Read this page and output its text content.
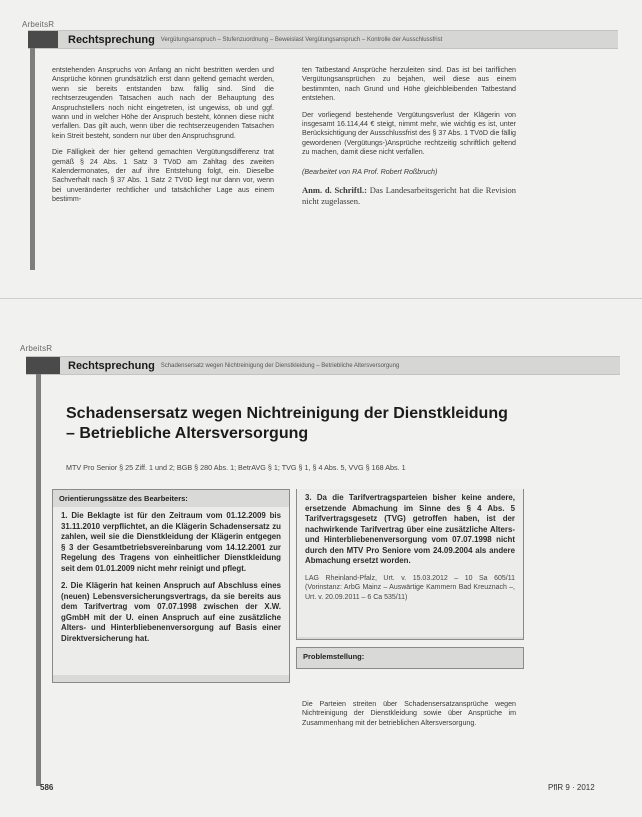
ArbeitsR
Rechtsprechung Vergütungsanspruch – Stufenzuordnung – Beweislast Vergütungsanspruch – Kontrolle der Ausschlussfrist

entstehenden Anspruchs von Anfang an nicht bestritten werden und Ansprüche können grundsätzlich erst dann geltend gemacht werden, wenn sie bereits entstanden bzw. fällig sind. Sind die rechtserzeugenden Tatsachen auch nach der Behauptung des Anspruchstellers noch nicht eingetreten, ist ungewiss, ob und ggf. wann und in welcher Höhe der Anspruch besteht, können diese nicht verfallen. Das gilt auch, wenn über die rechtserzeugenden Tatsachen kein Streit besteht, sondern nur über den Anspruchsgrund.

Die Fälligkeit der hier geltend gemachten Vergütungsdifferenz trat gemäß § 24 Abs. 1 Satz 3 TVöD am Zahltag des zweiten Kalendermonates, der auf ihre Entstehung folgt, ein. Dieselbe Sachverhalt nach § 37 Abs. 1 Satz 2 TVöD liegt nur dann vor, wenn bei unveränderter rechtlicher und tatsächlicher Lage aus einem bestimm-

ten Tatbestand Ansprüche herzuleiten sind. Das ist bei tariflichen Vergütungsansprüchen zu bejahen, weil diese aus einem bestimmten, nach Grund und Höhe gleichbleibenden Tatbestand entstehen.

Der vorliegend bestehende Vergütungsverlust der Klägerin von insgesamt 16.114,44 € steigt, nimmt mehr, wie wichtig es ist, unter Berücksichtigung der Ausschlussfrist des § 37 Abs. 1 TVöD die fällig gewordenen (Vergütungs-)Ansprüche rechtzeitig schriftlich geltend zu machen, damit diese nicht verfallen.

(Bearbeitet von RA Prof. Robert Roßbruch)

Anm. d. Schriftl.: Das Landesarbeitsgericht hat die Revision nicht zugelassen.

ArbeitsR
Rechtsprechung Schadensersatz wegen Nichtreinigung der Dienstkleidung – Betriebliche Altersversorgung
Schadensersatz wegen Nichtreinigung der Dienstkleidung
– Betriebliche Altersversorgung
MTV Pro Senior § 25 Ziff. 1 und 2; BGB § 280 Abs. 1; BetrAVG § 1; TVG § 1, § 4 Abs. 5, VVG § 168 Abs. 1
Orientierungssätze des Bearbeiters:

1. Die Beklagte ist für den Zeitraum vom 01.12.2009 bis 31.11.2010 verpflichtet, an die Klägerin Schadensersatz zu zahlen, weil sie die Dienstkleidung der Klägerin entgegen § 3 der Gesamtbetriebsvereinbarung vom 14.12.2001 zur Regelung des Tragens von einheitlicher Dienstkleidung seit dem 01.01.2009 nicht mehr reinigt und pflegt.

2. Die Klägerin hat keinen Anspruch auf Abschluss eines (neuen) Lebensversicherungsvertrags, da sie bereits aus dem Tarifvertrag vom 07.07.1998 zwischen der X.W. gGmbH mit der U. einen Anspruch auf eine zusätzliche Alters- und Hinterbliebenenversorgung auf Basis einer Direktversicherung hat.

3. Da die Tarifvertragsparteien bisher keine andere, ersetzende Abmachung im Sinne des § 4 Abs. 5 Tarifvertragsgesetz (TVG) getroffen haben, ist der nachwirkende Tarifvertrag über eine zusätzliche Alters- und Hinterbliebenenversorgung vom 07.07.1998 nicht durch den MTV Pro Seniore vom 24.09.2004 als andere Abmachung ersetzt worden.

LAG Rheinland-Pfalz, Urt. v. 15.03.2012 – 10 Sa 605/11 (Vorinstanz: ArbG Mainz – Auswärtige Kammern Bad Kreuznach –, Urt. v. 20.09.2011 – 6 Ca 535/11)

Problemstellung:

Die Parteien streiten über Schadensersatzansprüche wegen Nichtreinigung der Dienstkleidung sowie über Ansprüche im Zusammenhang mit der betrieblichen Altersversorgung.

586	PflR 9 · 2012
